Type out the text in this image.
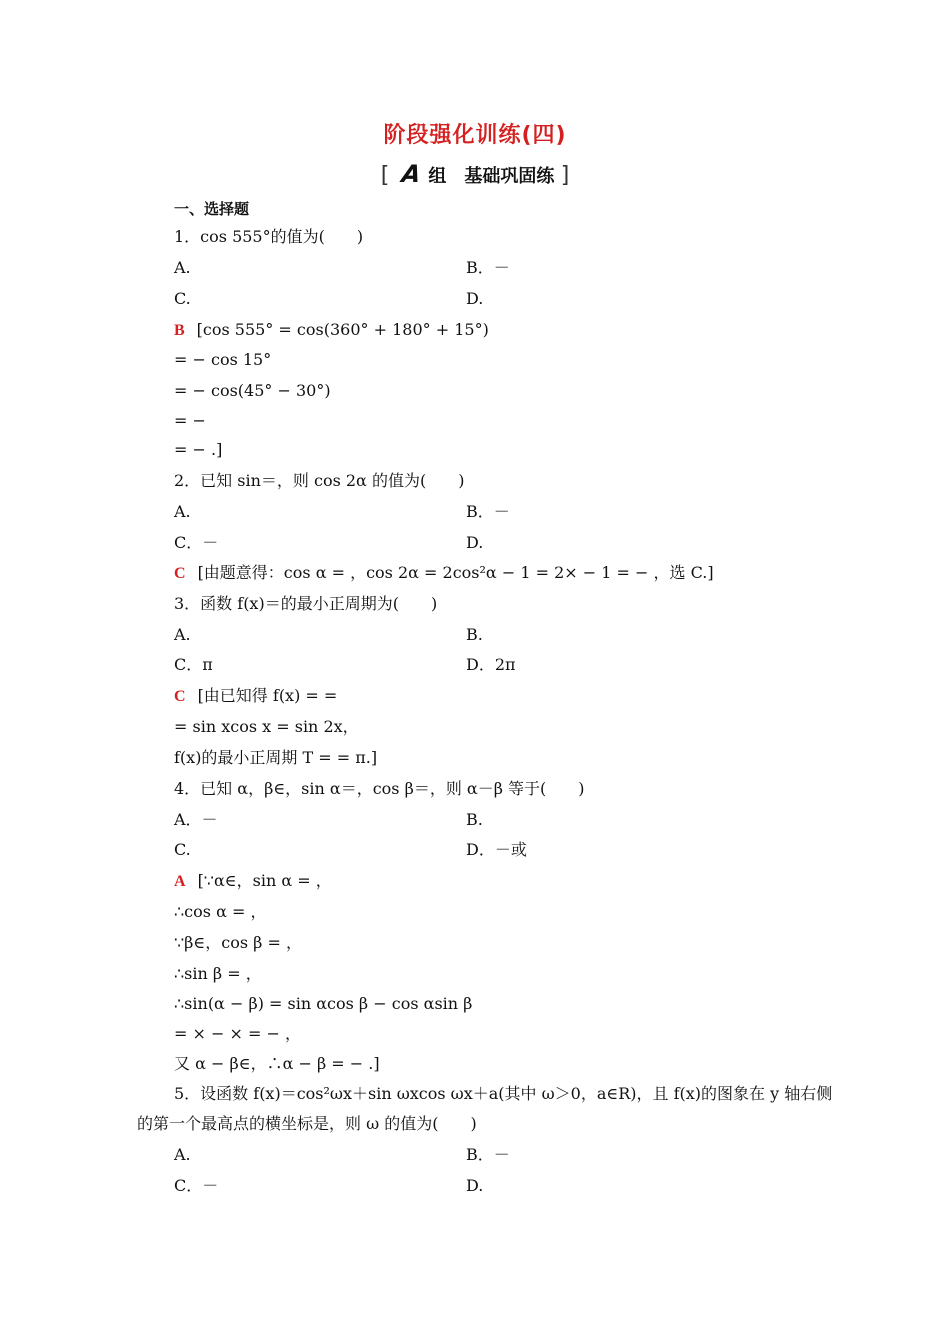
阶段强化训练(四)
[ A 组　基础巩固练 ]
一、选择题
1．cos 555°的值为(　　)
A.	B．－
C.	D.
B [cos 555° = cos(360° + 180° + 15°)
= − cos 15°
= − cos(45° − 30°)
= −
= − .]
2．已知 sin＝，则 cos 2α 的值为(　　)
A.	B．－
C．－	D.
C [由题意得：cos α = ，cos 2α = 2cos²α − 1 = 2× − 1 = − ，选 C.]
3．函数 f(x)＝的最小正周期为(　　)
A.	B.
C．π	D．2π
C [由已知得 f(x) = =
= sin xcos x = sin 2x，
f(x)的最小正周期 T = = π.]
4．已知 α，β∈，sin α＝，cos β＝，则 α－β 等于(　　)
A．－	B.
C.	D．－或
A [∵α∈，sin α = ，
∴cos α = ，
∵β∈，cos β = ，
∴sin β = ，
∴sin(α − β) = sin αcos β − cos αsin β
= × − × = − ，
又 α − β∈，∴α − β = − .]
5．设函数 f(x)＝cos²ωx＋sin ωxcos ωx＋a(其中 ω＞0，a∈R)，且 f(x)的图象在 y 轴右侧
的第一个最高点的横坐标是，则 ω 的值为(　　)
A.	B．－
C．－	D.
